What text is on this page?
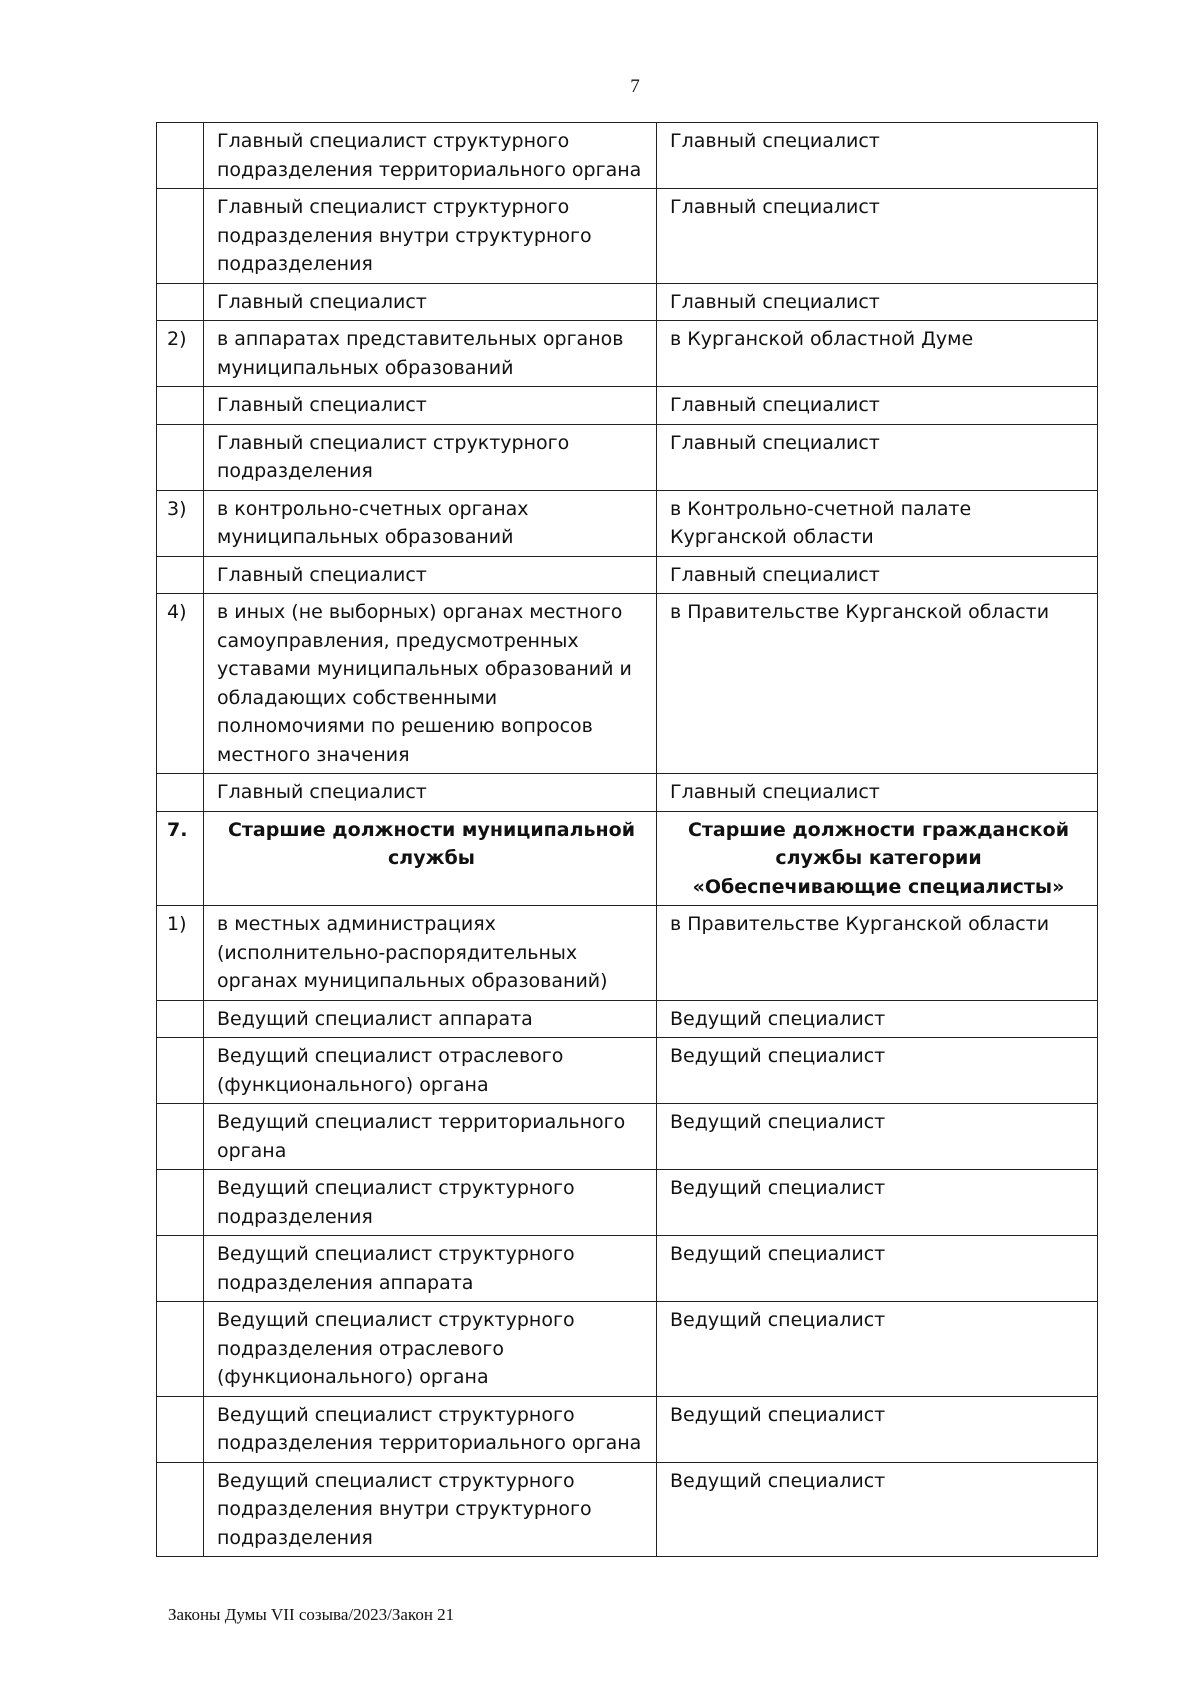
7
	Главный специалист структурного подразделения территориального органа	Главный специалист
	Главный специалист структурного подразделения внутри структурного подразделения	Главный специалист
	Главный специалист	Главный специалист
2)	в аппаратах представительных органов муниципальных образований	в Курганской областной Думе
	Главный специалист	Главный специалист
	Главный специалист структурного подразделения	Главный специалист
3)	в контрольно-счетных органах муниципальных образований	в Контрольно-счетной палате Курганской области
	Главный специалист	Главный специалист
4)	в иных (не выборных) органах местного самоуправления, предусмотренных уставами муниципальных образований и обладающих собственными полномочиями по решению вопросов местного значения	в Правительстве Курганской области
	Главный специалист	Главный специалист
7.	Старшие должности муниципальной службы	Старшие должности гражданской службы категории «Обеспечивающие специалисты»
1)	в местных администрациях (исполнительно-распорядительных органах муниципальных образований)	в Правительстве Курганской области
	Ведущий специалист аппарата	Ведущий специалист
	Ведущий специалист отраслевого (функционального) органа	Ведущий специалист
	Ведущий специалист территориального органа	Ведущий специалист
	Ведущий специалист структурного подразделения	Ведущий специалист
	Ведущий специалист структурного подразделения аппарата	Ведущий специалист
	Ведущий специалист структурного подразделения отраслевого (функционального) органа	Ведущий специалист
	Ведущий специалист структурного подразделения территориального органа	Ведущий специалист
	Ведущий специалист структурного подразделения внутри структурного подразделения	Ведущий специалист
Законы Думы VII созыва/2023/Закон 21
